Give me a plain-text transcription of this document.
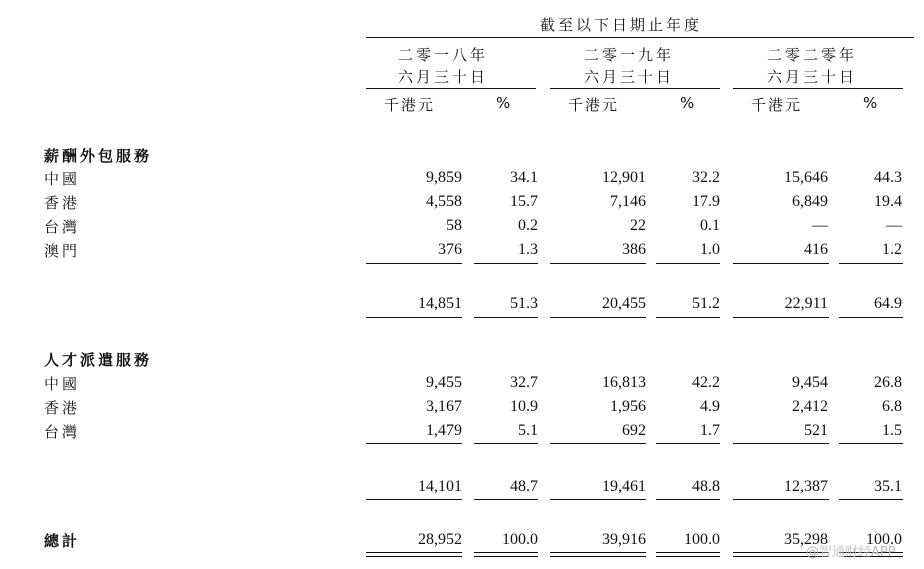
截至以下日期止年度
二零一八年
六月三十日
二零一九年
六月三十日
二零二零年
六月三十日
千港元	%	千港元	%	千港元	%
薪酬外包服務
中國	9,859	34.1	12,901	32.2	15,646	44.3
香港	4,558	15.7	7,146	17.9	6,849	19.4
台灣	58	0.2	22	0.1	—	—
澳門	376	1.3	386	1.0	416	1.2
14,851	51.3	20,455	51.2	22,911	64.9
人才派遣服務
中國	9,455	32.7	16,813	42.2	9,454	26.8
香港	3,167	10.9	1,956	4.9	2,412	6.8
台灣	1,479	5.1	692	1.7	521	1.5
14,101	48.7	19,461	48.8	12,387	35.1
總計	28,952	100.0	39,916	100.0	35,298	100.0
@智通财经APP
